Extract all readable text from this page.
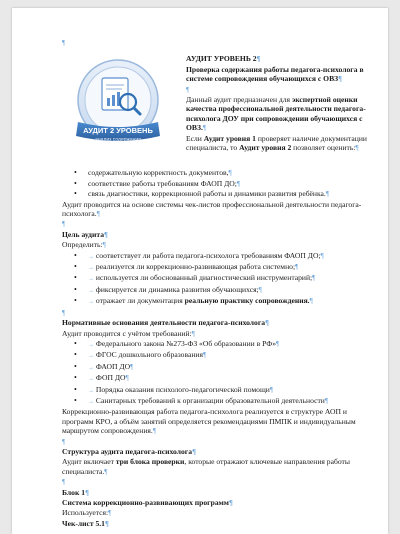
¶
АУДИТ 2 УРОВЕНЬ
анализ содержания
АУДИТ УРОВЕНЬ 2¶
Проверка содержания работы педагога-психолога в системе сопровождения обучающихся с ОВЗ¶
¶
Данный аудит предназначен для экспертной оценки качества профессиональной деятельности педагога-психолога ДОУ при сопровождении обучающихся с ОВЗ.¶
Если Аудит уровня 1 проверяет наличие документации специалиста, то Аудит уровня 2 позволяет оценить:¶
• содержательную корректность документов,¶
• соответствие работы требованиям ФАОП ДО;¶
• связь диагностики, коррекционной работы и динамики развития ребёнка.¶
Аудит проводится на основе системы чек-листов профессиональной деятельности педагога-психолога.¶
¶
Цель аудита¶
Определить:¶
• → соответствует ли работа педагога-психолога требованиям ФАОП ДО;¶
• → реализуется ли коррекционно-развивающая работа системно;¶
• → используется ли обоснованный диагностический инструментарий;¶
• → фиксируется ли динамика развития обучающихся;¶
• → отражает ли документация реальную практику сопровождения.¶
¶
Нормативные основания деятельности педагога-психолога¶
Аудит проводится с учётом требований:¶
• → Федерального закона №273-ФЗ «Об образовании в РФ»¶
• → ФГОС дошкольного образования¶
• → ФАОП ДО¶
• → ФОП ДО¶
• → Порядка оказания психолого-педагогической помощи¶
• → Санитарных требований к организации образовательной деятельности¶
Коррекционно-развивающая работа педагога-психолога реализуется в структуре АОП и программ КРО, а объём занятий определяется рекомендациями ПМПК и индивидуальным маршрутом сопровождения.¶
¶
Структура аудита педагога-психолога¶
Аудит включает три блока проверки, которые отражают ключевые направления работы специалиста.¶
¶
Блок 1¶
Система коррекционно-развивающих программ¶
Используется:¶
Чек-лист 5.1¶
